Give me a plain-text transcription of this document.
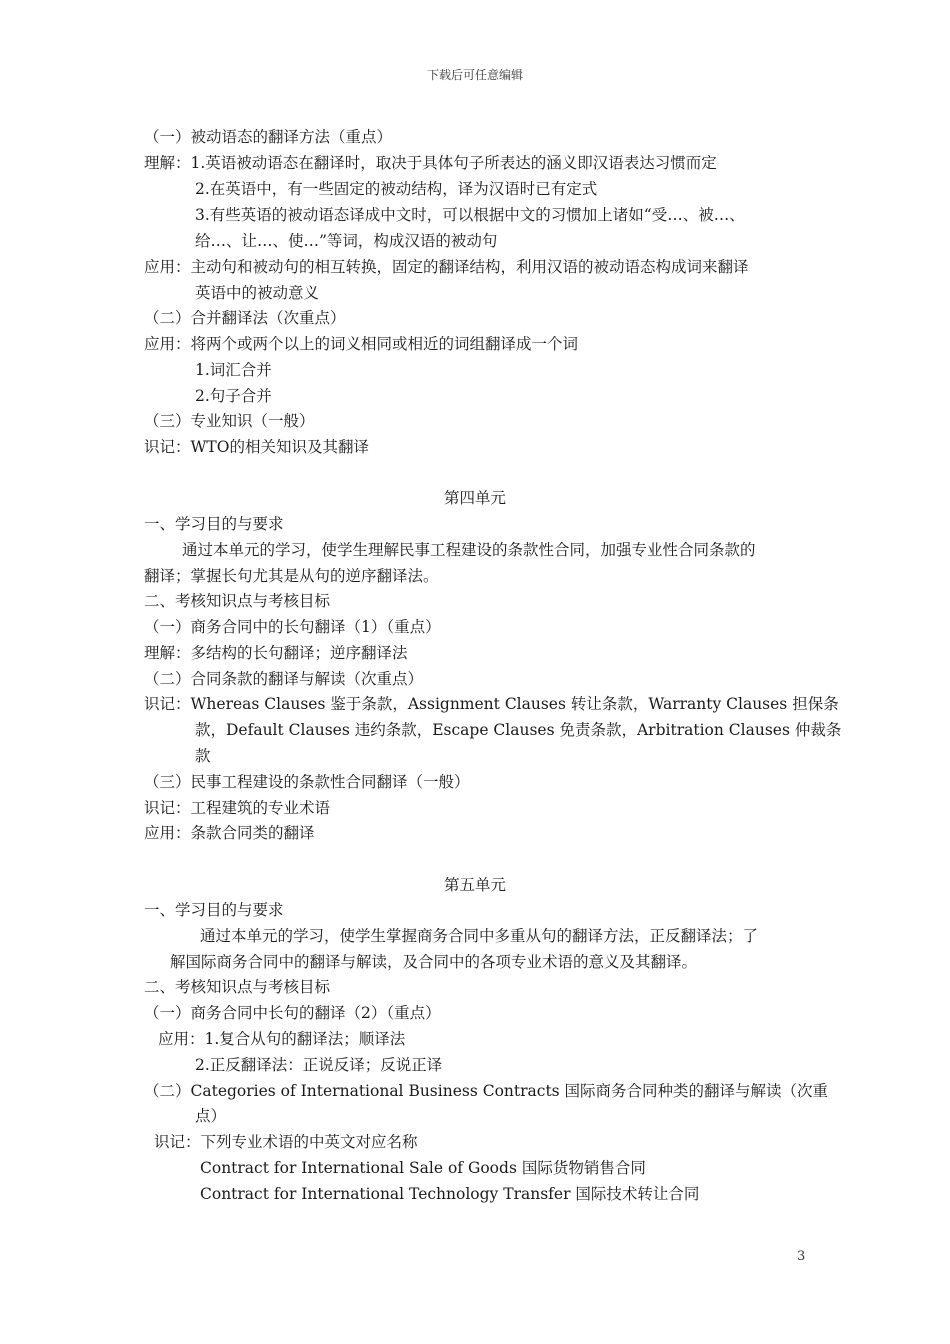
下载后可任意编辑
（一）被动语态的翻译方法（重点）
理解：1.英语被动语态在翻译时，取决于具体句子所表达的涵义即汉语表达习惯而定
2.在英语中，有一些固定的被动结构，译为汉语时已有定式
3.有些英语的被动语态译成中文时，可以根据中文的习惯加上诸如“受…、被…、
给…、让…、使…”等词，构成汉语的被动句
应用：主动句和被动句的相互转换，固定的翻译结构，利用汉语的被动语态构成词来翻译
英语中的被动意义
（二）合并翻译法（次重点）
应用：将两个或两个以上的词义相同或相近的词组翻译成一个词
1.词汇合并
2.句子合并
（三）专业知识（一般）
识记：WTO的相关知识及其翻译
第四单元
一、学习目的与要求
通过本单元的学习，使学生理解民事工程建设的条款性合同，加强专业性合同条款的
翻译；掌握长句尤其是从句的逆序翻译法。
二、考核知识点与考核目标
（一）商务合同中的长句翻译（1）（重点）
理解：多结构的长句翻译；逆序翻译法
（二）合同条款的翻译与解读（次重点）
识记：Whereas Clauses 鉴于条款，Assignment Clauses 转让条款，Warranty Clauses 担保条
款，Default Clauses 违约条款，Escape Clauses 免责条款，Arbitration Clauses 仲裁条
款
（三）民事工程建设的条款性合同翻译（一般）
识记：工程建筑的专业术语
应用：条款合同类的翻译
第五单元
一、学习目的与要求
通过本单元的学习，使学生掌握商务合同中多重从句的翻译方法，正反翻译法；了
解国际商务合同中的翻译与解读，及合同中的各项专业术语的意义及其翻译。
二、考核知识点与考核目标
（一）商务合同中长句的翻译（2）（重点）
应用：1.复合从句的翻译法；顺译法
2.正反翻译法：正说反译；反说正译
（二）Categories of International Business Contracts 国际商务合同种类的翻译与解读（次重
点）
识记：下列专业术语的中英文对应名称
Contract for International Sale of Goods 国际货物销售合同
Contract for International Technology Transfer 国际技术转让合同
3
